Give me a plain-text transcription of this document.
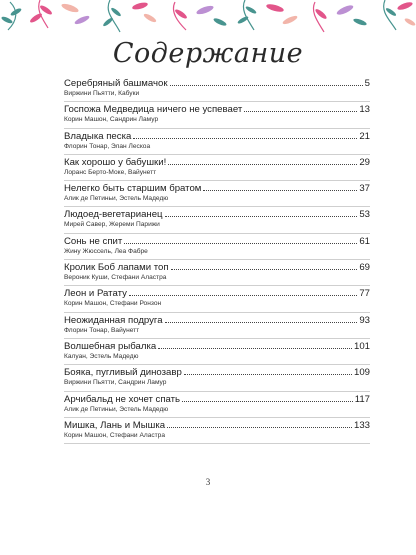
Содержание
Серебряный башмачок	5
Виржини Пьятти, Кабуки
Госпожа Медведица ничего не успевает	13
Корин Машон, Сандрин Ламур
Владыка песка	21
Флорин Тонар, Элан Лескоа
Как хорошо у бабушки!	29
Лоранс Берто-Моке, Вайунетт
Нелегко быть старшим братом	37
Алик де Петиньи, Эстель Мадедю
Людоед-вегетарианец	53
Мирей Савер, Жереми Парижи
Сонь не спит	61
Жину Жюссель, Леа Фабре
Кролик Боб лапами топ	69
Вероник Куши, Стефани Аластра
Леон и Ратату	77
Корин Машон, Стефани Ронзон
Неожиданная подруга	93
Флорин Тонар, Вайунетт
Волшебная рыбалка	101
Калуан, Эстель Мадедю
Бояка, пугливый динозавр	109
Виржини Пьятти, Сандрин Ламур
Арчибальд не хочет спать	117
Алик де Петиньи, Эстель Мадедю
Мишка, Лань и Мышка	133
Корин Машон, Стефани Аластра
3
